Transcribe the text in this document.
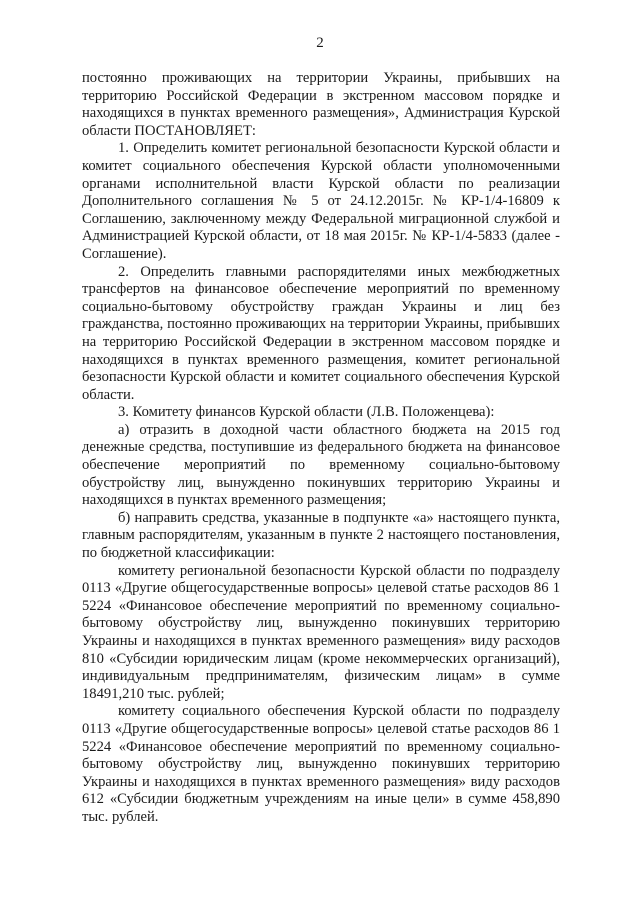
2

постоянно проживающих на территории Украины, прибывших на территорию Российской Федерации в экстренном массовом порядке и находящихся в пунктах временного размещения», Администрация Курской области ПОСТАНОВЛЯЕТ:

1. Определить комитет региональной безопасности Курской области и комитет социального обеспечения Курской области уполномоченными органами исполнительной власти Курской области по реализации Дополнительного соглашения № 5 от 24.12.2015г. № КР-1/4-16809 к Соглашению, заключенному между Федеральной миграционной службой и Администрацией Курской области, от 18 мая 2015г. № КР-1/4-5833 (далее - Соглашение).

2. Определить главными распорядителями иных межбюджетных трансфертов на финансовое обеспечение мероприятий по временному социально-бытовому обустройству граждан Украины и лиц без гражданства, постоянно проживающих на территории Украины, прибывших на территорию Российской Федерации в экстренном массовом порядке и находящихся в пунктах временного размещения, комитет региональной безопасности Курской области и комитет социального обеспечения Курской области.

3. Комитету финансов Курской области (Л.В. Положенцева):

а) отразить в доходной части областного бюджета на 2015 год денежные средства, поступившие из федерального бюджета на финансовое обеспечение мероприятий по временному социально-бытовому обустройству лиц, вынужденно покинувших территорию Украины и находящихся в пунктах временного размещения;

б) направить средства, указанные в подпункте «а» настоящего пункта, главным распорядителям, указанным в пункте 2 настоящего постановления, по бюджетной классификации:

комитету региональной безопасности Курской области по подразделу 0113 «Другие общегосударственные вопросы» целевой статье расходов 86 1 5224 «Финансовое обеспечение мероприятий по временному социально-бытовому обустройству лиц, вынужденно покинувших территорию Украины и находящихся в пунктах временного размещения» виду расходов 810 «Субсидии юридическим лицам (кроме некоммерческих организаций), индивидуальным предпринимателям, физическим лицам» в сумме 18491,210 тыс. рублей;

комитету социального обеспечения Курской области по подразделу 0113 «Другие общегосударственные вопросы» целевой статье расходов 86 1 5224 «Финансовое обеспечение мероприятий по временному социально-бытовому обустройству лиц, вынужденно покинувших территорию Украины и находящихся в пунктах временного размещения» виду расходов 612 «Субсидии бюджетным учреждениям на иные цели» в сумме 458,890 тыс. рублей.
